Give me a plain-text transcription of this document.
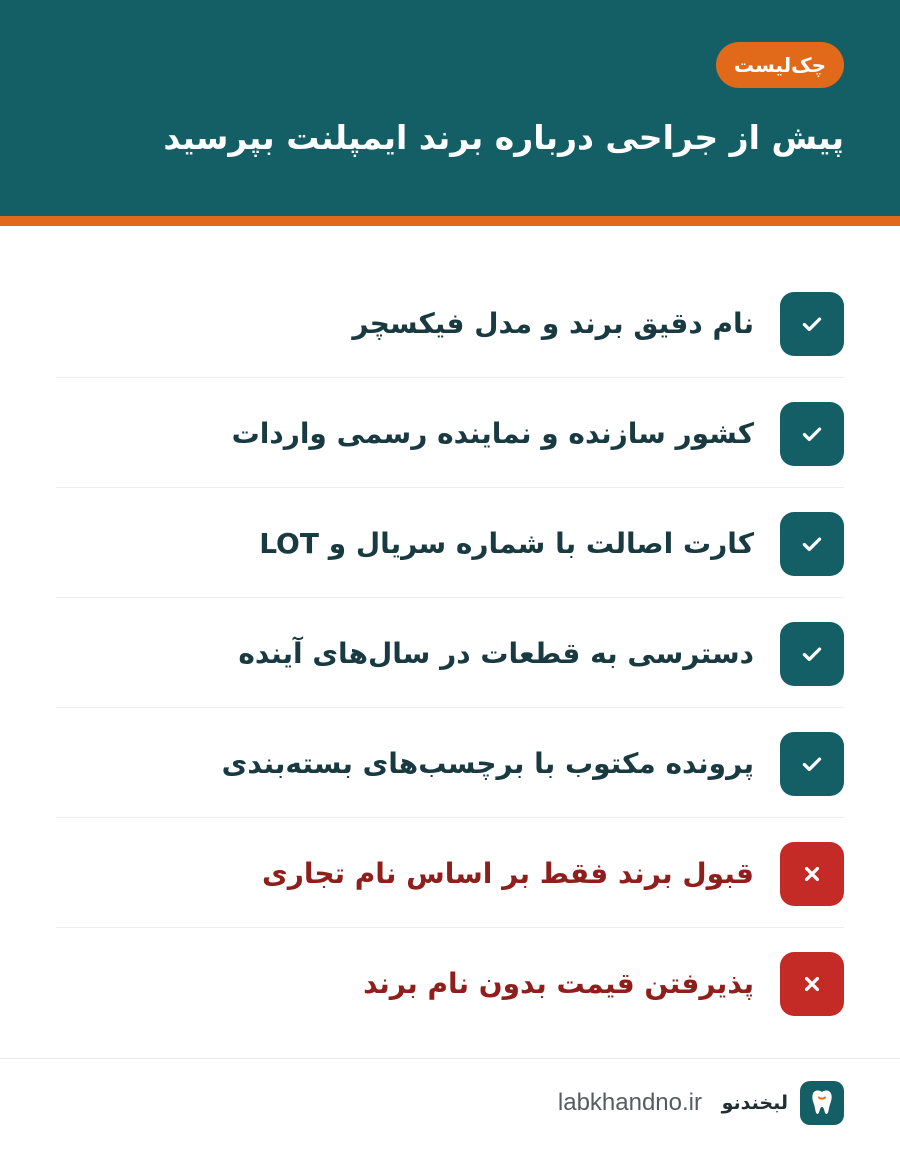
چک‌لیست
پیش از جراحی درباره برند ایمپلنت بپرسید
نام دقیق برند و مدل فیکسچر
کشور سازنده و نماینده رسمی واردات
کارت اصالت با شماره سریال و LOT
دسترسی به قطعات در سال‌های آینده
پرونده مکتوب با برچسب‌های بسته‌بندی
قبول برند فقط بر اساس نام تجاری
پذیرفتن قیمت بدون نام برند
لبخندنو
labkhandno.ir
